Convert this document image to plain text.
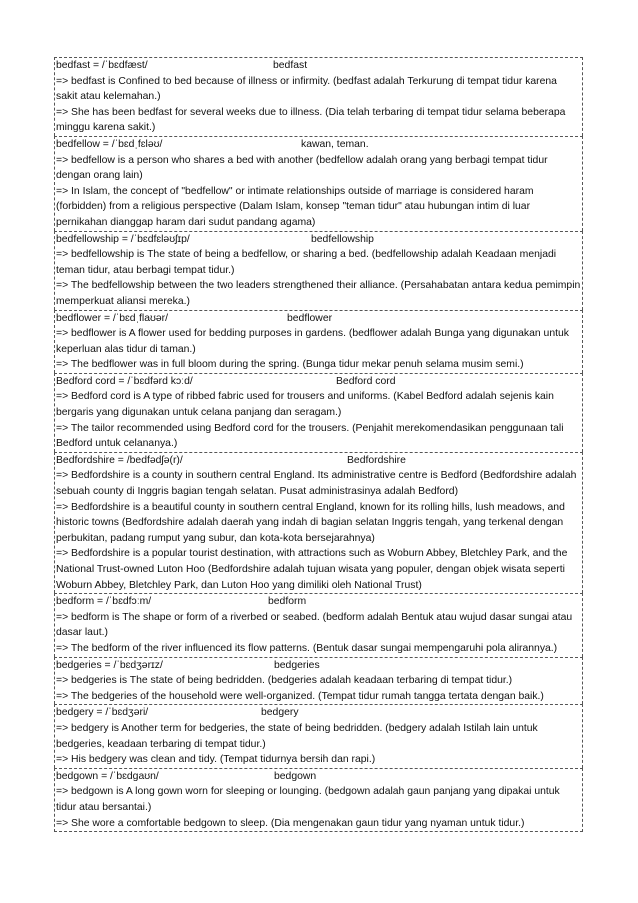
bedfast = /ˈbɛdfæst/	bedfast
=> bedfast is Confined to bed because of illness or infirmity. (bedfast adalah Terkurung di tempat tidur karena sakit atau kelemahan.)
=> She has been bedfast for several weeks due to illness. (Dia telah terbaring di tempat tidur selama beberapa minggu karena sakit.)
bedfellow = /ˈbɛdˌfɛləʊ/	kawan, teman.
=> bedfellow is a person who shares a bed with another (bedfellow adalah orang yang berbagi tempat tidur dengan orang lain)
=> In Islam, the concept of "bedfellow" or intimate relationships outside of marriage is considered haram (forbidden) from a religious perspective (Dalam Islam, konsep "teman tidur" atau hubungan intim di luar pernikahan dianggap haram dari sudut pandang agama)
bedfellowship = /ˈbɛdfɛləʊʃɪp/	bedfellowship
=> bedfellowship is The state of being a bedfellow, or sharing a bed. (bedfellowship adalah Keadaan menjadi teman tidur, atau berbagi tempat tidur.)
=> The bedfellowship between the two leaders strengthened their alliance. (Persahabatan antara kedua pemimpin memperkuat aliansi mereka.)
bedflower = /ˈbɛdˌflaʊər/	bedflower
=> bedflower is A flower used for bedding purposes in gardens. (bedflower adalah Bunga yang digunakan untuk keperluan alas tidur di taman.)
=> The bedflower was in full bloom during the spring. (Bunga tidur mekar penuh selama musim semi.)
Bedford cord = /ˈbɛdfərd kɔːd/	Bedford cord
=> Bedford cord is A type of ribbed fabric used for trousers and uniforms. (Kabel Bedford adalah sejenis kain bergaris yang digunakan untuk celana panjang dan seragam.)
=> The tailor recommended using Bedford cord for the trousers. (Penjahit merekomendasikan penggunaan tali Bedford untuk celananya.)
Bedfordshire = /bedfədʃə(r)/	Bedfordshire
=> Bedfordshire is a county in southern central England. Its administrative centre is Bedford (Bedfordshire adalah sebuah county di Inggris bagian tengah selatan. Pusat administrasinya adalah Bedford)
=> Bedfordshire is a beautiful county in southern central England, known for its rolling hills, lush meadows, and historic towns (Bedfordshire adalah daerah yang indah di bagian selatan Inggris tengah, yang terkenal dengan perbukitan, padang rumput yang subur, dan kota-kota bersejarahnya)
=> Bedfordshire is a popular tourist destination, with attractions such as Woburn Abbey, Bletchley Park, and the National Trust-owned Luton Hoo (Bedfordshire adalah tujuan wisata yang populer, dengan objek wisata seperti Woburn Abbey, Bletchley Park, dan Luton Hoo yang dimiliki oleh National Trust)
bedform = /ˈbɛdfɔːm/	bedform
=> bedform is The shape or form of a riverbed or seabed. (bedform adalah Bentuk atau wujud dasar sungai atau dasar laut.)
=> The bedform of the river influenced its flow patterns. (Bentuk dasar sungai mempengaruhi pola alirannya.)
bedgeries = /ˈbɛdʒərɪz/	bedgeries
=> bedgeries is The state of being bedridden. (bedgeries adalah keadaan terbaring di tempat tidur.)
=> The bedgeries of the household were well-organized. (Tempat tidur rumah tangga tertata dengan baik.)
bedgery = /ˈbɛdʒəri/	bedgery
=> bedgery is Another term for bedgeries, the state of being bedridden. (bedgery adalah Istilah lain untuk bedgeries, keadaan terbaring di tempat tidur.)
=> His bedgery was clean and tidy. (Tempat tidurnya bersih dan rapi.)
bedgown = /ˈbɛdgaʊn/	bedgown
=> bedgown is A long gown worn for sleeping or lounging. (bedgown adalah gaun panjang yang dipakai untuk tidur atau bersantai.)
=> She wore a comfortable bedgown to sleep. (Dia mengenakan gaun tidur yang nyaman untuk tidur.)
